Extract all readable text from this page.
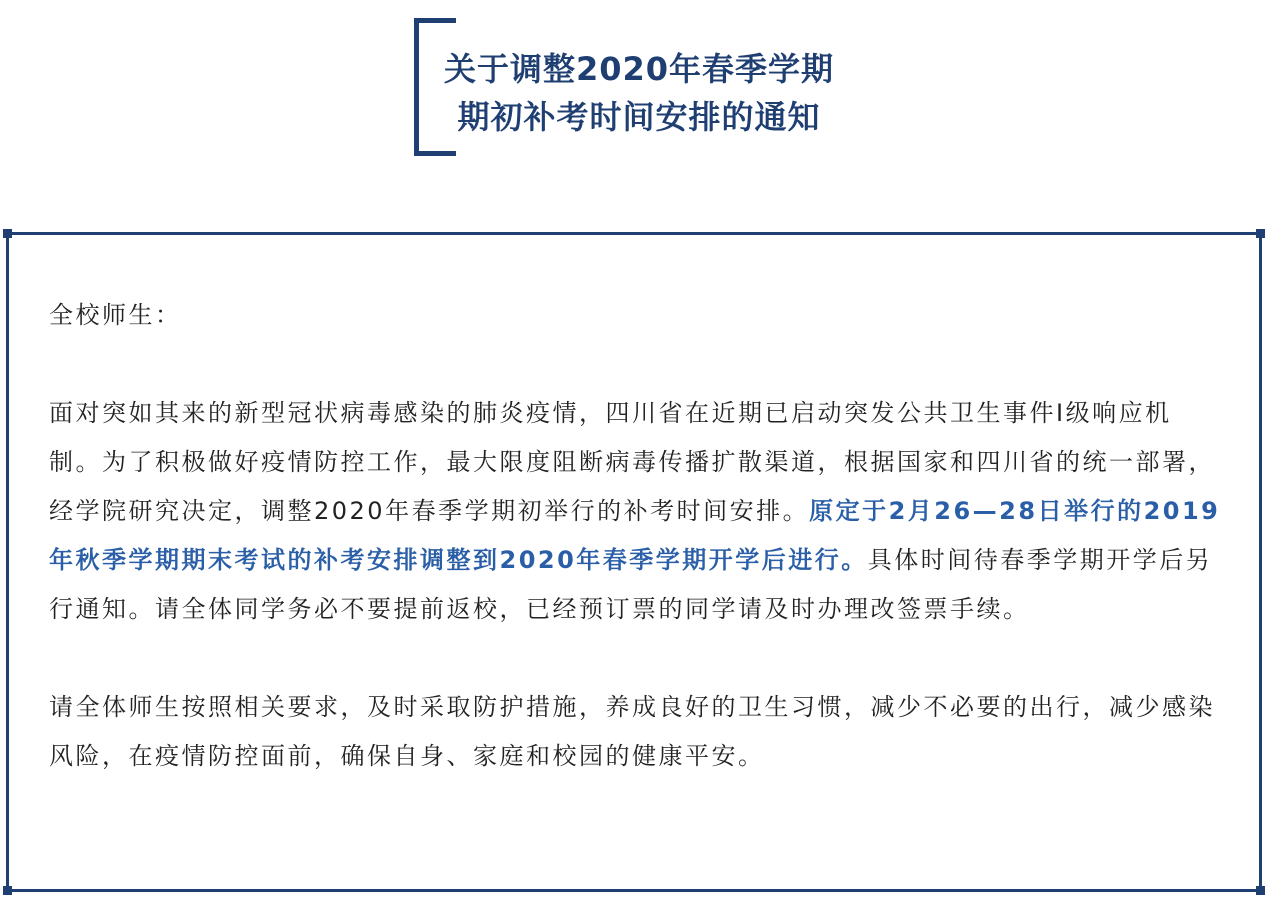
关于调整2020年春季学期
期初补考时间安排的通知

全校师生：

面对突如其来的新型冠状病毒感染的肺炎疫情，四川省在近期已启动突发公共卫生事件I级响应机制。为了积极做好疫情防控工作，最大限度阻断病毒传播扩散渠道，根据国家和四川省的统一部署，经学院研究决定，调整2020年春季学期初举行的补考时间安排。原定于2月26—28日举行的2019年秋季学期期末考试的补考安排调整到2020年春季学期开学后进行。具体时间待春季学期开学后另行通知。请全体同学务必不要提前返校，已经预订票的同学请及时办理改签票手续。

请全体师生按照相关要求，及时采取防护措施，养成良好的卫生习惯，减少不必要的出行，减少感染风险，在疫情防控面前，确保自身、家庭和校园的健康平安。
